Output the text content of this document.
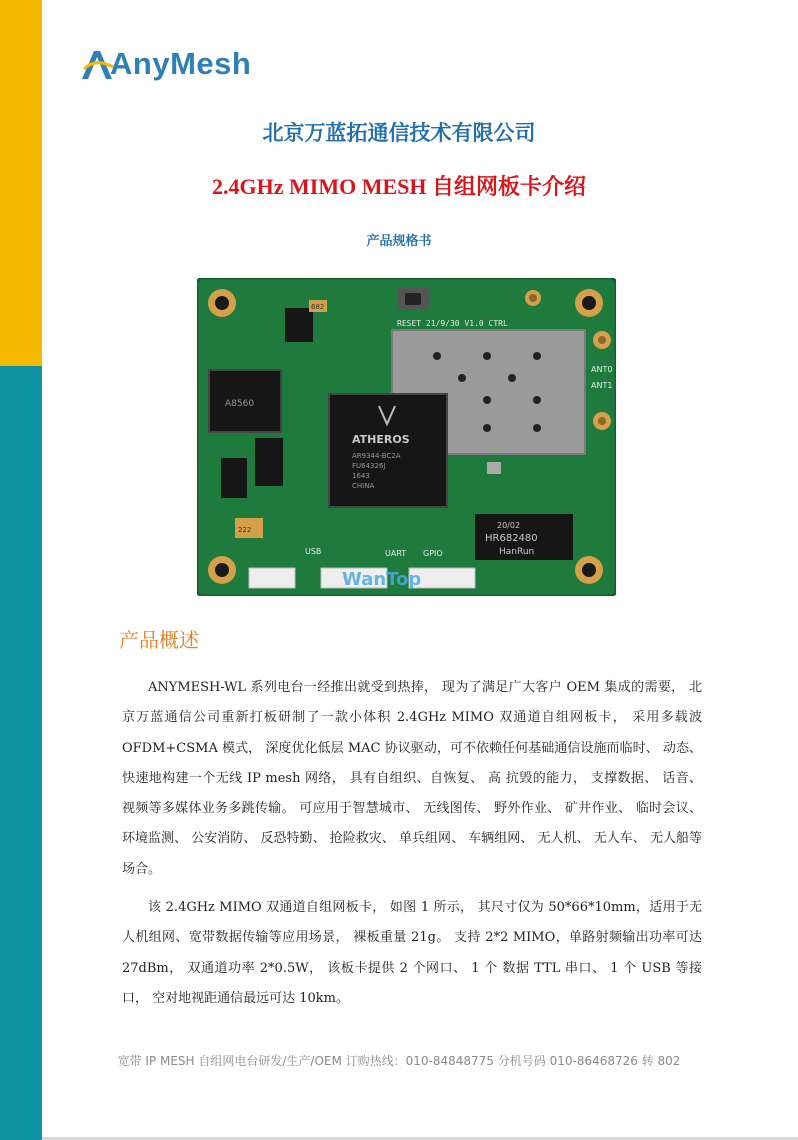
AnyMesh
北京万蓝拓通信技术有限公司
2.4GHz MIMO MESH 自组网板卡介绍
产品规格书
RESET 21/9/30 V1.0 CTRL
ANT0
ANT1
ATHEROS
AR9344-BC2A
FU64326J
1643
CHINA
A8560
682
222	20/02
HR682480
HanRun
USB	UART GPIO
WanTop
产品概述

ANYMESH-WL 系列电台一经推出就受到热捧， 现为了满足广大客户 OEM 集成的需要， 北京万蓝通信公司重新打板研制了一款小体积 2.4GHz MIMO 双通道自组网板卡， 采用多载波 OFDM+CSMA 模式， 深度优化低层 MAC 协议驱动，可不依赖任何基础通信设施而临时、 动态、 快速地构建一个无线 IP mesh 网络， 具有自组织、自恢复、 高 抗毁的能力， 支撑数据、 话音、 视频等多媒体业务多跳传输。 可应用于智慧城市、 无线图传、 野外作业、 矿井作业、 临时会议、 环境监测、 公安消防、 反恐特勤、 抢险救灾、 单兵组网、 车辆组网、 无人机、 无人车、 无人船等场合。

该 2.4GHz MIMO 双通道自组网板卡， 如图 1 所示， 其尺寸仅为 50*66*10mm，适用于无人机组网、宽带数据传输等应用场景， 裸板重量 21g。 支持 2*2 MIMO，单路射频输出功率可达 27dBm， 双通道功率 2*0.5W， 该板卡提供 2 个网口、 1 个 数据 TTL 串口、 1 个 USB 等接口， 空对地视距通信最远可达 10km。

宽带 IP MESH 自组网电台研发/生产/OEM 订购热线：010-84848775 分机号码 010-86468726 转 802
